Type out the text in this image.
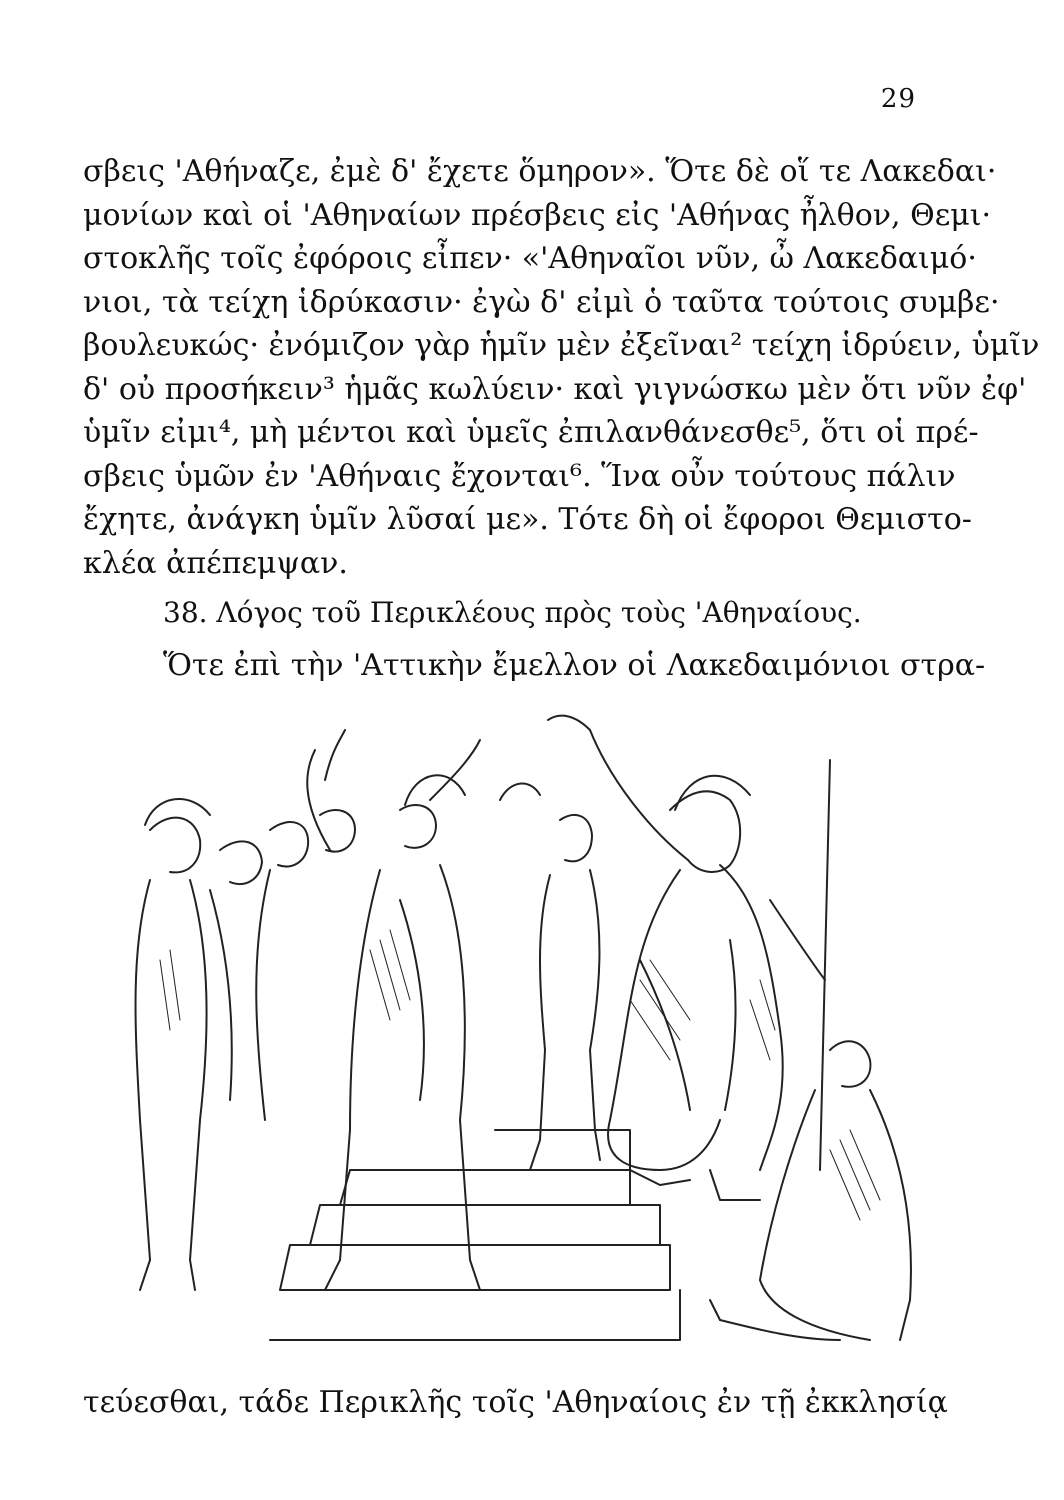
29
σβεις 'Αθήναζε, ἐμὲ δ' ἔχετε ὅμηρον». Ὅτε δὲ οἵ τε Λακεδαι·
μονίων καὶ οἱ 'Αθηναίων πρέσβεις εἰς 'Αθήνας ἦλθον, Θεμι·
στοκλῆς τοῖς ἐφόροις εἶπεν· «'Αθηναῖοι νῦν, ὦ Λακεδαιμό·
νιοι, τὰ τείχη ἱδρύκασιν· ἐγὼ δ' εἰμὶ ὁ ταῦτα τούτοις συμβε·
βουλευκώς· ἐνόμιζον γὰρ ἡμῖν μὲν ἐξεῖναι² τείχη ἱδρύειν, ὑμῖν
δ' οὐ προσήκειν³ ἡμᾶς κωλύειν· καὶ γιγνώσκω μὲν ὅτι νῦν ἐφ'
ὑμῖν εἰμι⁴, μὴ μέντοι καὶ ὑμεῖς ἐπιλανθάνεσθε⁵, ὅτι οἱ πρέ-
σβεις ὑμῶν ἐν 'Αθήναις ἔχονται⁶. Ἵνα οὖν τούτους πάλιν
ἔχητε, ἀνάγκη ὑμῖν λῦσαί με». Τότε δὴ οἱ ἔφοροι Θεμιστο-
κλέα ἀπέπεμψαν.
38. Λόγος τοῦ Περικλέους πρὸς τοὺς 'Αθηναίους.
Ὅτε ἐπὶ τὴν 'Αττικὴν ἔμελλον οἱ Λακεδαιμόνιοι στρα-
τεύεσθαι, τάδε Περικλῆς τοῖς 'Αθηναίοις ἐν τῇ ἐκκλησίᾳ
